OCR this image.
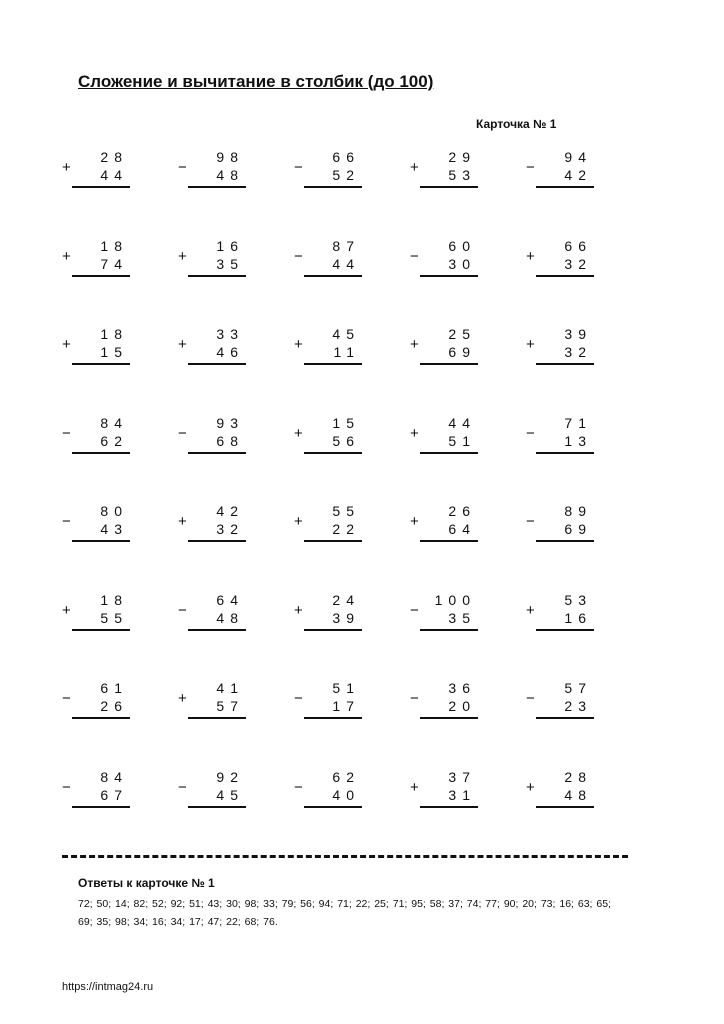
Сложение и вычитание в столбик (до 100)
Карточка № 1
+
28
44	−
98
48	−
66
52	+
29
53	−
94
42
+
18
74	+
16
35	−
87
44	−
60
30	+
66
32
+
18
15	+
33
46	+
45
11	+
25
69	+
39
32
−
84
62	−
93
68	+
15
56	+
44
51	−
71
13
−
80
43	+
42
32	+
55
22	+
26
64	−
89
69
+
18
55	−
64
48	+
24
39	−
100
35	+
53
16
−
61
26	+
41
57	−
51
17	−
36
20	−
57
23
−
84
67	−
92
45	−
62
40	+
37
31	+
28
48
Ответы к карточке № 1
72; 50; 14; 82; 52; 92; 51; 43; 30; 98; 33; 79; 56; 94; 71; 22; 25; 71; 95; 58; 37; 74; 77; 90; 20; 73; 16; 63; 65; 69; 35; 98; 34; 16; 34; 17; 47; 22; 68; 76.
https://intmag24.ru
